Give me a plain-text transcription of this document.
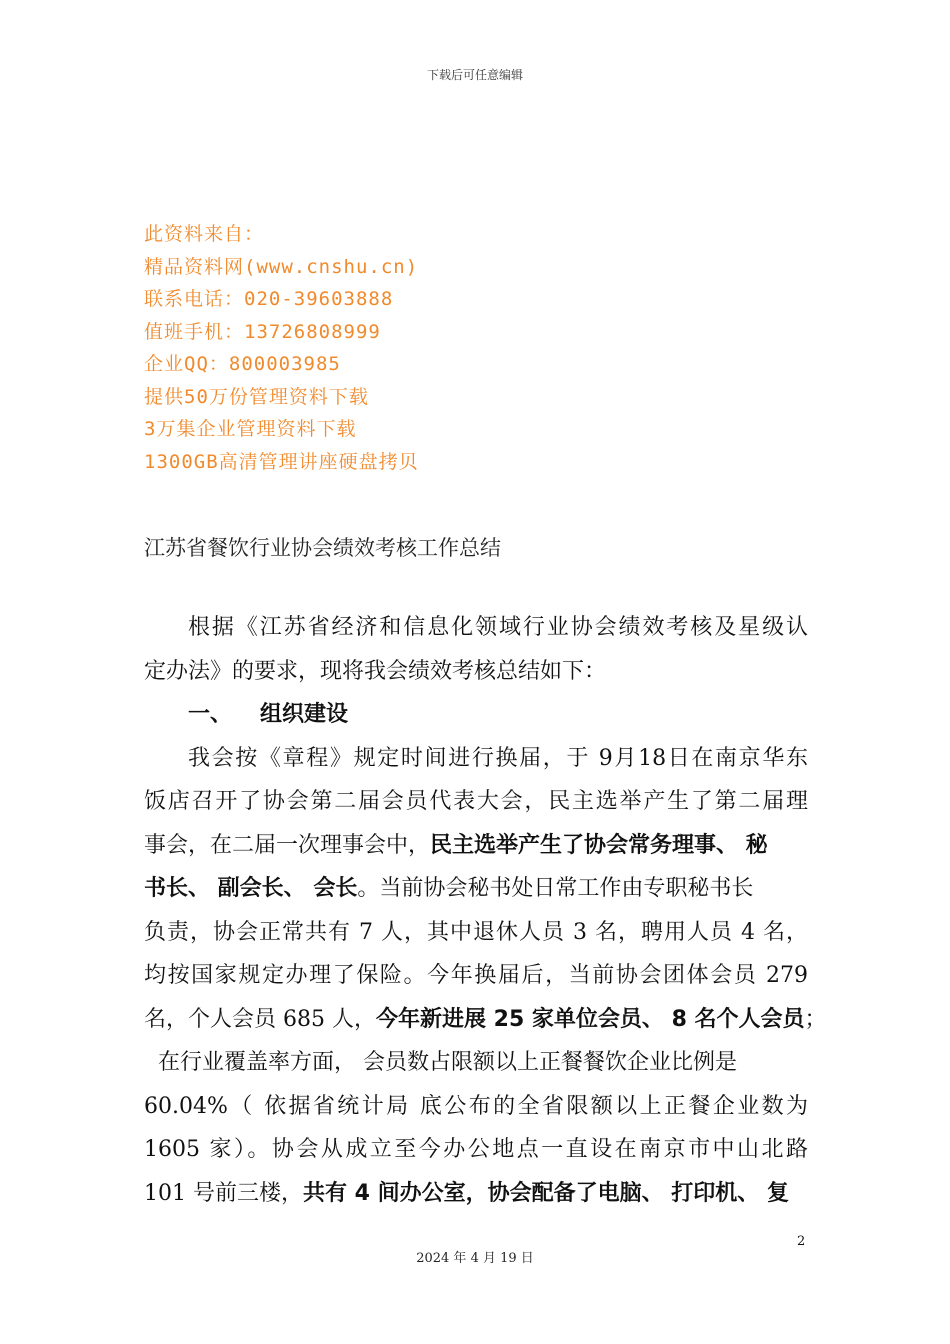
下载后可任意编辑
此资料来自：
精品资料网(www.cnshu.cn)
联系电话：020-39603888
值班手机：13726808999
企业QQ：800003985
提供50万份管理资料下载
3万集企业管理资料下载
1300GB高清管理讲座硬盘拷贝
江苏省餐饮行业协会绩效考核工作总结
根据《江苏省经济和信息化领域行业协会绩效考核及星级认
定办法》的要求，现将我会绩效考核总结如下：
一、 组织建设
我会按《章程》规定时间进行换届，于 9月18日在南京华东
饭店召开了协会第二届会员代表大会，民主选举产生了第二届理
事会，在二届一次理事会中，民主选举产生了协会常务理事、 秘
书长、 副会长、 会长。当前协会秘书处日常工作由专职秘书长
负责，协会正常共有 7 人，其中退休人员 3 名，聘用人员 4 名，
均按国家规定办理了保险。今年换届后，当前协会团体会员 279
名，个人会员 685 人，今年新进展 25 家单位会员、 8 名个人会员；
在行业覆盖率方面， 会员数占限额以上正餐餐饮企业比例是
60.04%（ 依据省统计局 底公布的全省限额以上正餐企业数为
1605 家）。协会从成立至今办公地点一直设在南京市中山北路
101 号前三楼，共有 4 间办公室，协会配备了电脑、 打印机、 复
2
2024 年 4 月 19 日
